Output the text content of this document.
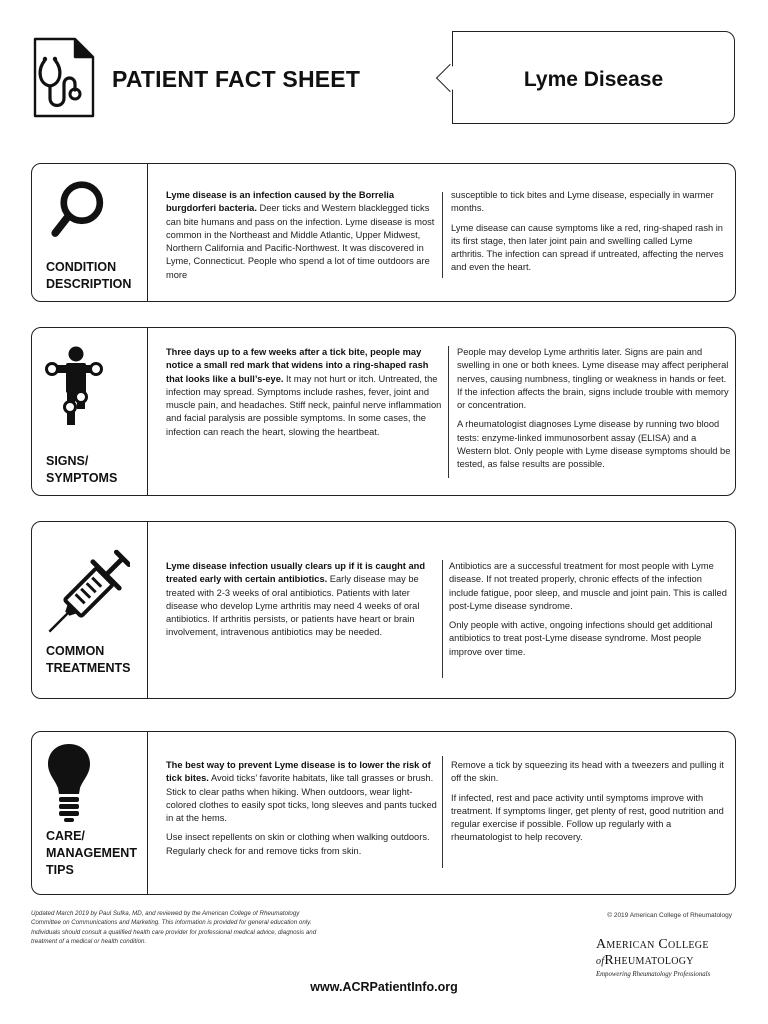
PATIENT FACT SHEET	Lyme Disease
CONDITION
DESCRIPTION

Lyme disease is an infection caused by the Borrelia burgdorferi bacteria. Deer ticks and Western blacklegged ticks can bite humans and pass on the infection. Lyme disease is most common in the Northeast and Middle Atlantic, Upper Midwest, Northern California and Pacific-Northwest. It was discovered in Lyme, Connecticut. People who spend a lot of time outdoors are more

susceptible to tick bites and Lyme disease, especially in warmer months.

Lyme disease can cause symptoms like a red, ring-shaped rash in its first stage, then later joint pain and swelling called Lyme arthritis. The infection can spread if untreated, affecting the nerves and even the heart.

SIGNS/
SYMPTOMS

Three days up to a few weeks after a tick bite, people may notice a small red mark that widens into a ring-shaped rash that looks like a bull’s-eye. It may not hurt or itch. Untreated, the infection may spread. Symptoms include rashes, fever, joint and muscle pain, and headaches. Stiff neck, painful nerve inflammation and facial paralysis are possible symptoms. In some cases, the infection can reach the heart, slowing the heartbeat.

People may develop Lyme arthritis later. Signs are pain and swelling in one or both knees. Lyme disease may affect peripheral nerves, causing numbness, tingling or weakness in hands or feet. If the infection affects the brain, signs include trouble with memory or concentration.

A rheumatologist diagnoses Lyme disease by running two blood tests: enzyme-linked immunosorbent assay (ELISA) and a Western blot. Only people with Lyme disease symptoms should be tested, as false results are possible.

COMMON
TREATMENTS

Lyme disease infection usually clears up if it is caught and treated early with certain antibiotics. Early disease may be treated with 2-3 weeks of oral antibiotics. Patients with later disease who develop Lyme arthritis may need 4 weeks of oral antibiotics. If arthritis persists, or patients have heart or brain involvement, intravenous antibiotics may be needed.

Antibiotics are a successful treatment for most people with Lyme disease. If not treated properly, chronic effects of the infection include fatigue, poor sleep, and muscle and joint pain. This is called post-Lyme disease syndrome.

Only people with active, ongoing infections should get additional antibiotics to treat post-Lyme disease syndrome. Most people improve over time.

CARE/
MANAGEMENT
TIPS

The best way to prevent Lyme disease is to lower the risk of tick bites. Avoid ticks’ favorite habitats, like tall grasses or brush. Stick to clear paths when hiking. When outdoors, wear light-colored clothes to easily spot ticks, long sleeves and pants tucked in at the hems.

Use insect repellents on skin or clothing when walking outdoors. Regularly check for and remove ticks from skin.

Remove a tick by squeezing its head with a tweezers and pulling it off the skin.

If infected, rest and pace activity until symptoms improve with treatment. If symptoms linger, get plenty of rest, good nutrition and regular exercise if possible. Follow up regularly with a rheumatologist to help recovery.

Updated March 2019 by Paul Sufka, MD, and reviewed by the American College of Rheumatology Committee on Communications and Marketing. This information is provided for general education only. Individuals should consult a qualified health care provider for professional medical advice, diagnosis and treatment of a medical or health condition.
© 2019 American College of Rheumatology
American College
ofRheumatology
Empowering Rheumatology Professionals
www.ACRPatientInfo.org
